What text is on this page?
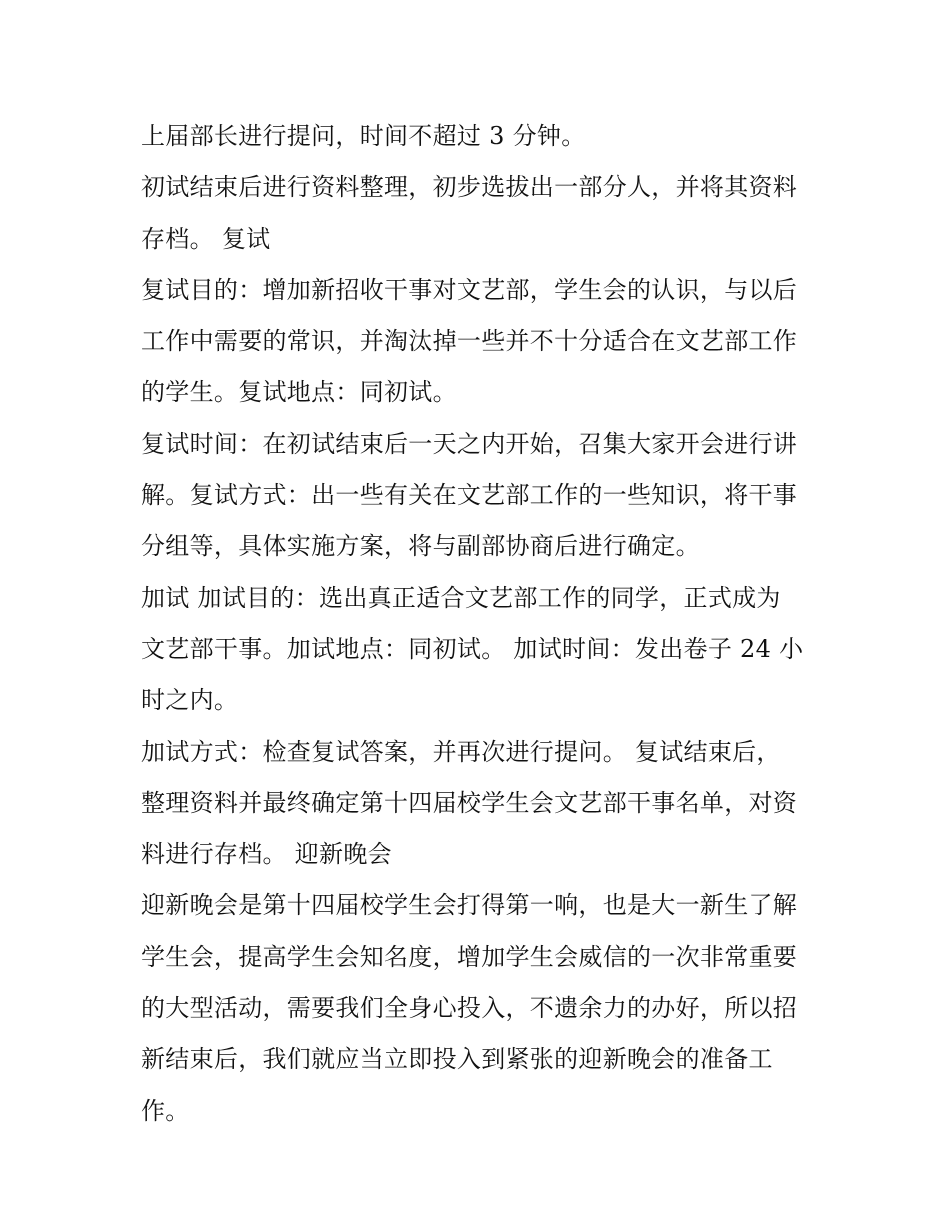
上届部长进行提问，时间不超过 3 分钟。
初试结束后进行资料整理，初步选拔出一部分人，并将其资料
存档。 复试
复试目的：增加新招收干事对文艺部，学生会的认识，与以后
工作中需要的常识，并淘汰掉一些并不十分适合在文艺部工作
的学生。复试地点：同初试。
复试时间：在初试结束后一天之内开始，召集大家开会进行讲
解。复试方式：出一些有关在文艺部工作的一些知识，将干事
分组等，具体实施方案，将与副部协商后进行确定。
加试 加试目的：选出真正适合文艺部工作的同学，正式成为
文艺部干事。加试地点：同初试。 加试时间：发出卷子 24 小
时之内。
加试方式：检查复试答案，并再次进行提问。 复试结束后，
整理资料并最终确定第十四届校学生会文艺部干事名单，对资
料进行存档。 迎新晚会
迎新晚会是第十四届校学生会打得第一响，也是大一新生了解
学生会，提高学生会知名度，增加学生会威信的一次非常重要
的大型活动，需要我们全身心投入，不遗余力的办好，所以招
新结束后，我们就应当立即投入到紧张的迎新晚会的准备工
作。
